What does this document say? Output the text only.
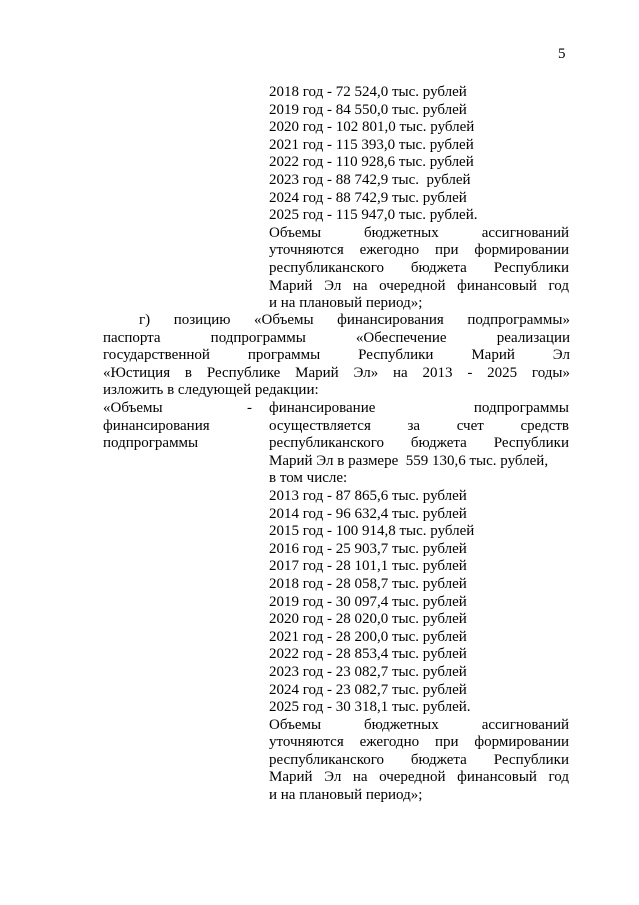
5
2018 год - 72 524,0 тыс. рублей
2019 год - 84 550,0 тыс. рублей
2020 год - 102 801,0 тыс. рублей
2021 год - 115 393,0 тыс. рублей
2022 год - 110 928,6 тыс. рублей
2023 год - 88 742,9 тыс.  рублей
2024 год - 88 742,9 тыс. рублей
2025 год - 115 947,0 тыс. рублей.
Объемы бюджетных ассигнований
уточняются ежегодно при формировании
республиканского бюджета Республики
Марий Эл на очередной финансовый год
и на плановый период»;
г) позицию «Объемы финансирования подпрограммы»
паспорта подпрограммы «Обеспечение реализации
государственной программы Республики Марий Эл
«Юстиция в Республике Марий Эл» на 2013 - 2025 годы»
изложить в следующей редакции:
«Объемы
финансирования
подпрограммы
- финансирование подпрограммы
осуществляется за счет средств
республиканского бюджета Республики
Марий Эл в размере  559 130,6 тыс. рублей,
в том числе:
2013 год - 87 865,6 тыс. рублей
2014 год - 96 632,4 тыс. рублей
2015 год - 100 914,8 тыс. рублей
2016 год - 25 903,7 тыс. рублей
2017 год - 28 101,1 тыс. рублей
2018 год - 28 058,7 тыс. рублей
2019 год - 30 097,4 тыс. рублей
2020 год - 28 020,0 тыс. рублей
2021 год - 28 200,0 тыс. рублей
2022 год - 28 853,4 тыс. рублей
2023 год - 23 082,7 тыс. рублей
2024 год - 23 082,7 тыс. рублей
2025 год - 30 318,1 тыс. рублей.
Объемы бюджетных ассигнований
уточняются ежегодно при формировании
республиканского бюджета Республики
Марий Эл на очередной финансовый год
и на плановый период»;
